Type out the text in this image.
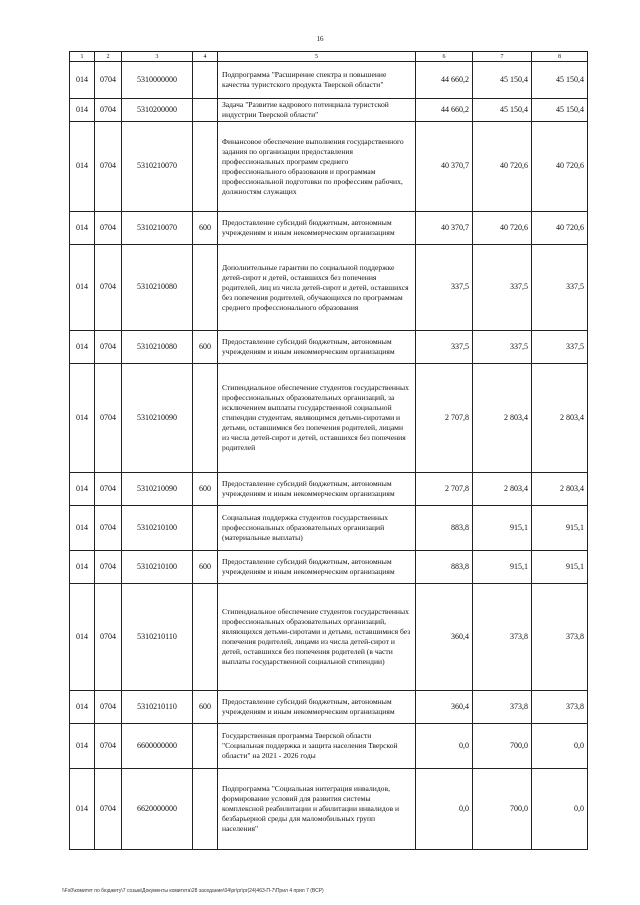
16
1	2	3	4	5	6	7	8
014	0704	5310000000		Подпрограмма "Расширение спектра и повышение качества туристского продукта Тверской области"	44 660,2	45 150,4	45 150,4
014	0704	5310200000		Задача "Развитие кадрового потенциала туристской индустрии Тверской области"	44 660,2	45 150,4	45 150,4
014	0704	5310210070		Финансовое обеспечение выполнения государственного задания по организации предоставления профессиональных программ среднего профессионального образования и программам профессиональной подготовки по профессиям рабочих, должностям служащих	40 370,7	40 720,6	40 720,6
014	0704	5310210070	600	Предоставление субсидий бюджетным, автономным учреждениям и иным некоммерческим организациям	40 370,7	40 720,6	40 720,6
014	0704	5310210080		Дополнительные гарантии по социальной поддержке детей-сирот и детей, оставшихся без попечения родителей, лиц из числа детей-сирот и детей, оставшихся без попечения родителей, обучающихся по программам среднего профессионального образования	337,5	337,5	337,5
014	0704	5310210080	600	Предоставление субсидий бюджетным, автономным учреждениям и иным некоммерческим организациям	337,5	337,5	337,5
014	0704	5310210090		Стипендиальное обеспечение студентов государственных профессиональных образовательных организаций, за исключением выплаты государственной социальной стипендии студентам, являющимся детьми-сиротами и детьми, оставшимися без попечения родителей, лицами из числа детей-сирот и детей, оставшихся без попечения родителей	2 707,8	2 803,4	2 803,4
014	0704	5310210090	600	Предоставление субсидий бюджетным, автономным учреждениям и иным некоммерческим организациям	2 707,8	2 803,4	2 803,4
014	0704	5310210100		Социальная поддержка студентов государственных профессиональных образовательных организаций (материальные выплаты)	883,8	915,1	915,1
014	0704	5310210100	600	Предоставление субсидий бюджетным, автономным учреждениям и иным некоммерческим организациям	883,8	915,1	915,1
014	0704	5310210110		Стипендиальное обеспечение студентов государственных профессиональных образовательных организаций, являющихся детьми-сиротами и детьми, оставшимися без попечения родителей, лицами из числа детей-сирот и детей, оставшихся без попечения родителей (в части выплаты государственной социальной стипендии)	360,4	373,8	373,8
014	0704	5310210110	600	Предоставление субсидий бюджетным, автономным учреждениям и иным некоммерческим организациям	360,4	373,8	373,8
014	0704	6600000000		Государственная программа Тверской области "Социальная поддержка и защита населения Тверской области" на 2021 - 2026 годы	0,0	700,0	0,0
014	0704	6620000000		Подпрограмма "Социальная интеграция инвалидов, формирование условий для развития системы комплексной реабилитации и абилитации инвалидов и безбарьерной среды для маломобильных групп населения"	0,0	700,0	0,0
\\Fs0\комитет по бюджету\7 созыв\Документы комитета\28 заседание\04\pr\pr\pr(24)463-П-7\Прил 4 прил 7 (ВСР)
